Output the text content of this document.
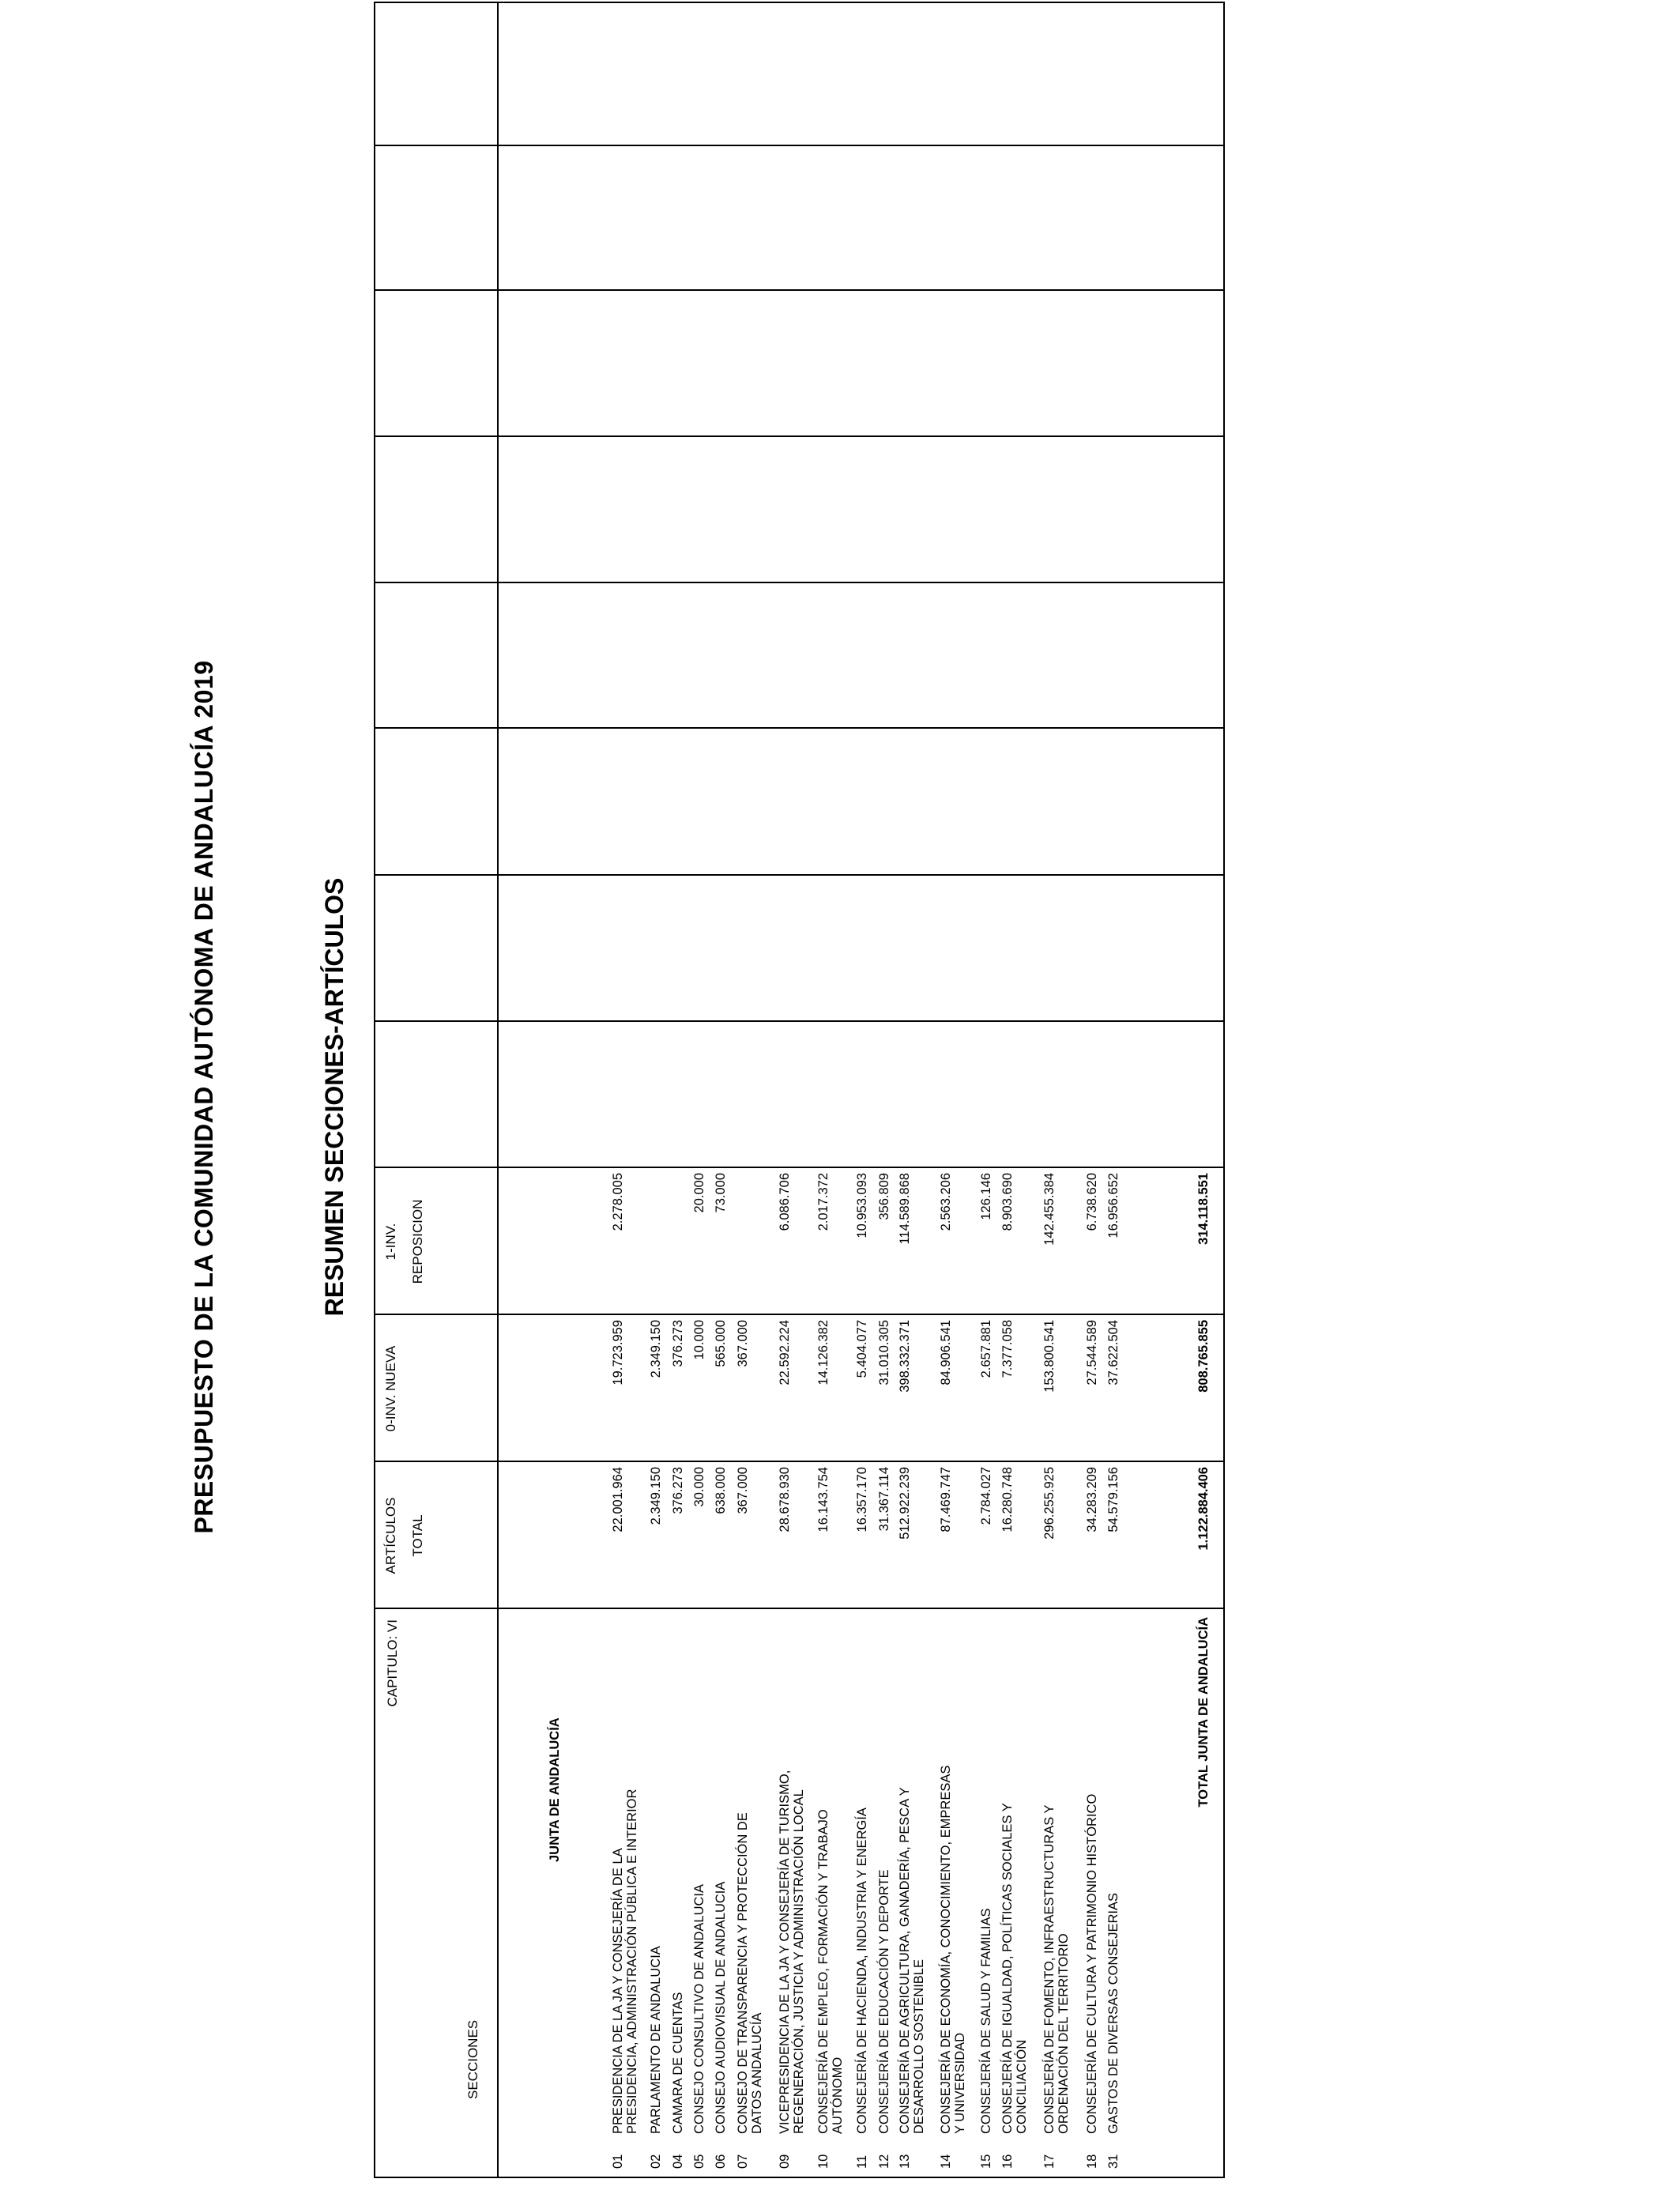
PRESUPUESTO DE LA COMUNIDAD AUTÓNOMA DE ANDALUCÍA 2019	RESUMEN SECCIONES-ARTÍCULOS
CAPITULO: VI
SECCIONES
ARTÍCULOS TOTAL
0-INV. NUEVA
1-INV. REPOSICION
JUNTA DE ANDALUCÍA
01
PRESIDENCIA DE LA JA Y CONSEJERÍA DE LA PRESIDENCIA, ADMINISTRACIÓN PÚBLICA E INTERIOR
22.001.964
19.723.959
2.278.005
02
PARLAMENTO DE ANDALUCIA
2.349.150
2.349.150
04
CAMARA DE CUENTAS
376.273
376.273
05
CONSEJO CONSULTIVO DE ANDALUCIA
30.000
10.000
20.000
06
CONSEJO AUDIOVISUAL DE ANDALUCIA
638.000
565.000
73.000
07
CONSEJO DE TRANSPARENCIA Y PROTECCIÓN DE DATOS ANDALUCÍA
367.000
367.000
09
VICEPRESIDENCIA DE LA JA Y CONSEJERÍA DE TURISMO, REGENERACIÓN, JUSTICIA Y ADMINISTRACIÓN LOCAL
28.678.930
22.592.224
6.086.706
10
CONSEJERÍA DE EMPLEO, FORMACIÓN Y TRABAJO AUTÓNOMO
16.143.754
14.126.382
2.017.372
11
CONSEJERÍA DE HACIENDA, INDUSTRIA Y ENERGÍA
16.357.170
5.404.077
10.953.093
12
CONSEJERÍA DE EDUCACIÓN Y DEPORTE
31.367.114
31.010.305
356.809
13
CONSEJERÍA DE AGRICULTURA, GANADERÍA, PESCA Y DESARROLLO SOSTENIBLE
512.922.239
398.332.371
114.589.868
14
CONSEJERÍA DE ECONOMÍA, CONOCIMIENTO, EMPRESAS Y UNIVERSIDAD
87.469.747
84.906.541
2.563.206
15
CONSEJERÍA DE SALUD Y FAMILIAS
2.784.027
2.657.881
126.146
16
CONSEJERÍA DE IGUALDAD, POLÍTICAS SOCIALES Y CONCILIACIÓN
16.280.748
7.377.058
8.903.690
17
CONSEJERÍA DE FOMENTO, INFRAESTRUCTURAS Y ORDENACIÓN DEL TERRITORIO
296.255.925
153.800.541
142.455.384
18
CONSEJERÍA DE CULTURA Y PATRIMONIO HISTÓRICO
34.283.209
27.544.589
6.738.620
31
GASTOS DE DIVERSAS CONSEJERIAS
54.579.156
37.622.504
16.956.652
TOTAL JUNTA DE ANDALUCÍA
1.122.884.406
808.765.855
314.118.551
